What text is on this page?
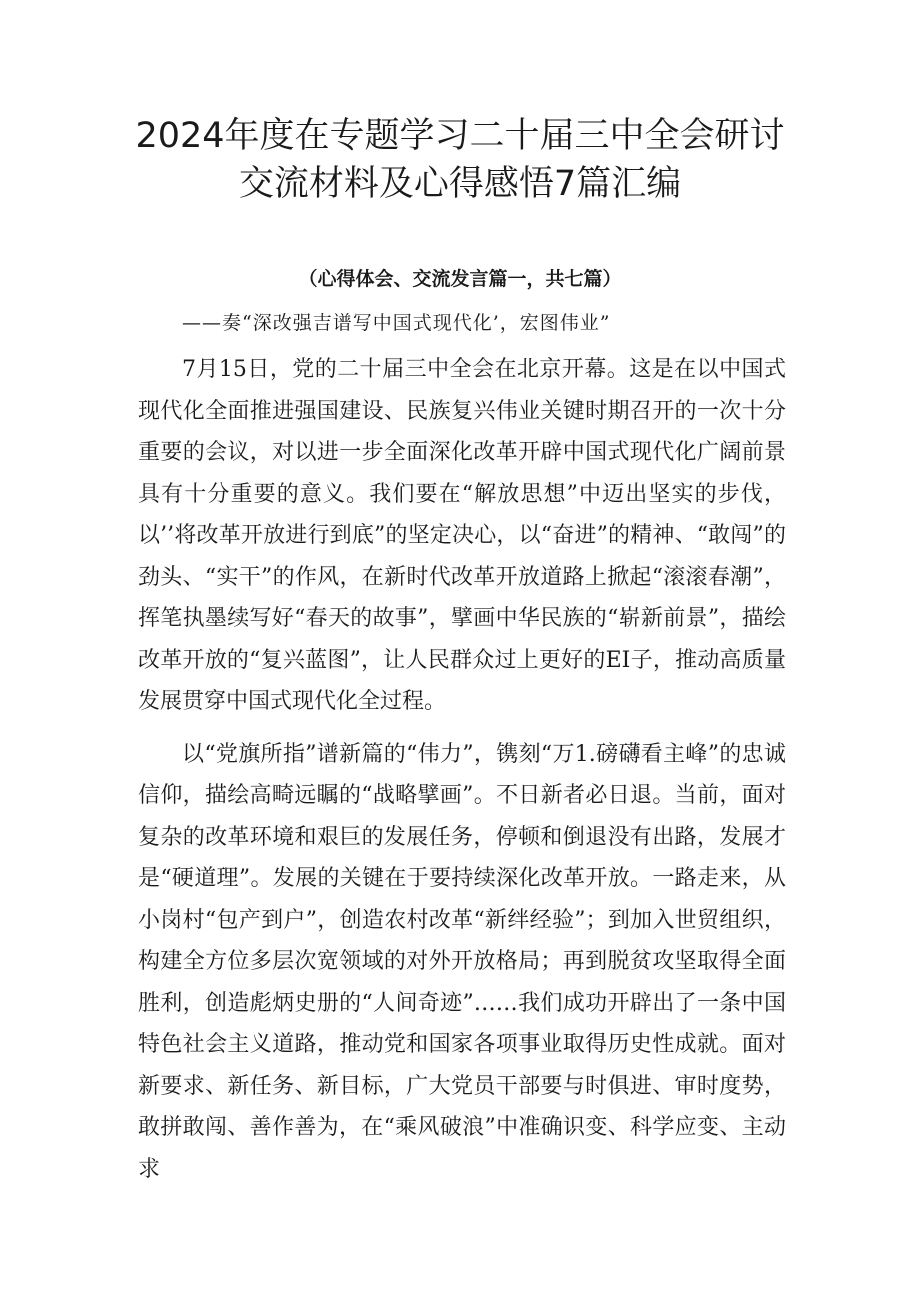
2024年度在专题学习二十届三中全会研讨
交流材料及心得感悟7篇汇编

（心得体会、交流发言篇一，共七篇）

——奏“深改强吉谱写中国式现代化’，宏图伟业”

7月15日，党的二十届三中全会在北京开幕。这是在以中国式现代化全面推进强国建设、民族复兴伟业关键时期召开的一次十分重要的会议，对以进一步全面深化改革开辟中国式现代化广阔前景具有十分重要的意义。我们要在“解放思想”中迈出坚实的步伐，以’’将改革开放进行到底”的坚定决心，以“奋进”的精神、“敢闯”的劲头、“实干”的作风，在新时代改革开放道路上掀起“滚滚春潮”，挥笔执墨续写好“春天的故事”，擘画中华民族的“崭新前景”，描绘改革开放的“复兴蓝图”，让人民群众过上更好的EI子，推动高质量发展贯穿中国式现代化全过程。

以“党旗所指”谱新篇的“伟力”，镌刻“万1.磅礴看主峰”的忠诚信仰，描绘高畸远瞩的“战略擘画”。不日新者必日退。当前，面对复杂的改革环境和艰巨的发展任务，停顿和倒退没有出路，发展才是“硬道理”。发展的关键在于要持续深化改革开放。一路走来，从小岗村“包产到户”，创造农村改革“新绊经验”；到加入世贸组织，构建全方位多层次宽领域的对外开放格局；再到脱贫攻坚取得全面胜利，创造彪炳史册的“人间奇迹”……我们成功开辟出了一条中国特色社会主义道路，推动党和国家各项事业取得历史性成就。面对新要求、新任务、新目标，广大党员干部要与时俱进、审时度势，敢拼敢闯、善作善为，在“乘风破浪”中准确识变、科学应变、主动求
